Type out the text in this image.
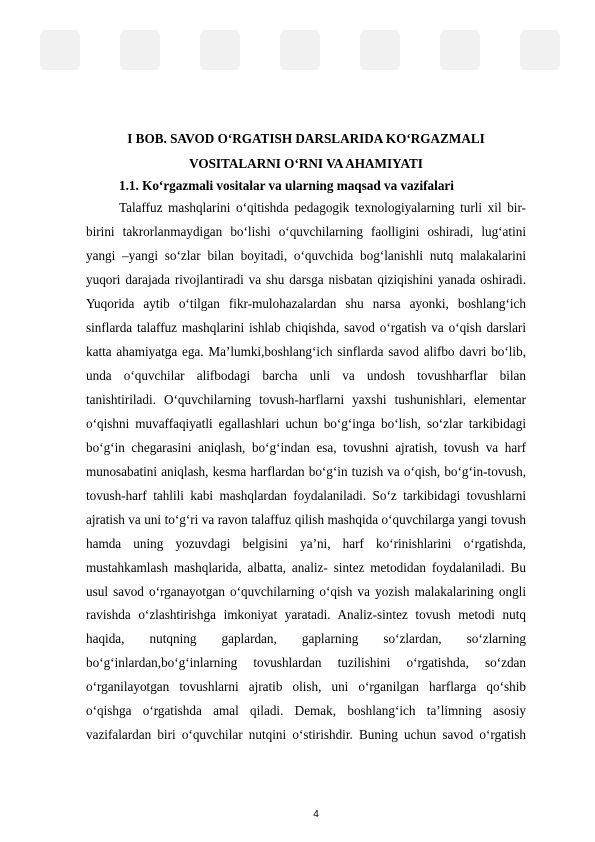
I BOB. SAVOD O‘RGATISH DARSLARIDA KO‘RGAZMALI
VOSITALARNI O‘RNI VA AHAMIYATI
1.1. Ko‘rgazmali vositalar va ularning maqsad va vazifalari
Talaffuz mashqlarini o‘qitishda pedagogik texnologiyalarning turli xil bir-
birini takrorlanmaydigan bo‘lishi o‘quvchilarning faolligini oshiradi, lug‘atini
yangi –yangi so‘zlar bilan boyitadi, o‘quvchida bog‘lanishli nutq malakalarini
yuqori darajada rivojlantiradi va shu darsga nisbatan qiziqishini yanada oshiradi.
Yuqorida aytib o‘tilgan fikr-mulohazalardan shu narsa ayonki, boshlang‘ich
sinflarda talaffuz mashqlarini ishlab chiqishda, savod o‘rgatish va o‘qish darslari
katta ahamiyatga ega. Ma’lumki,boshlang‘ich sinflarda savod alifbo davri bo‘lib,
unda o‘quvchilar alifbodagi barcha unli va undosh tovushharflar bilan
tanishtiriladi. O‘quvchilarning tovush-harflarni yaxshi tushunishlari, elementar
o‘qishni muvaffaqiyatli egallashlari uchun bo‘g‘inga bo‘lish, so‘zlar tarkibidagi
bo‘g‘in chegarasini aniqlash, bo‘g‘indan esa, tovushni ajratish, tovush va harf
munosabatini aniqlash, kesma harflardan bo‘g‘in tuzish va o‘qish, bo‘g‘in-tovush,
tovush-harf tahlili kabi mashqlardan foydalaniladi. So‘z tarkibidagi tovushlarni
ajratish va uni to‘g‘ri va ravon talaffuz qilish mashqida o‘quvchilarga yangi tovush
hamda uning yozuvdagi belgisini ya’ni, harf ko‘rinishlarini o‘rgatishda,
mustahkamlash mashqlarida, albatta, analiz- sintez metodidan foydalaniladi. Bu
usul savod o‘rganayotgan o‘quvchilarning o‘qish va yozish malakalarining ongli
ravishda o‘zlashtirishga imkoniyat yaratadi. Analiz-sintez tovush metodi nutq
haqida, nutqning gaplardan, gaplarning so‘zlardan, so‘zlarning
bo‘g‘inlardan,bo‘g‘inlarning tovushlardan tuzilishini o‘rgatishda, so‘zdan
o‘rganilayotgan tovushlarni ajratib olish, uni o‘rganilgan harflarga qo‘shib
o‘qishga o‘rgatishda amal qiladi. Demak, boshlang‘ich ta’limning asosiy
vazifalardan biri o‘quvchilar nutqini o‘stirishdir. Buning uchun savod o‘rgatish
4
